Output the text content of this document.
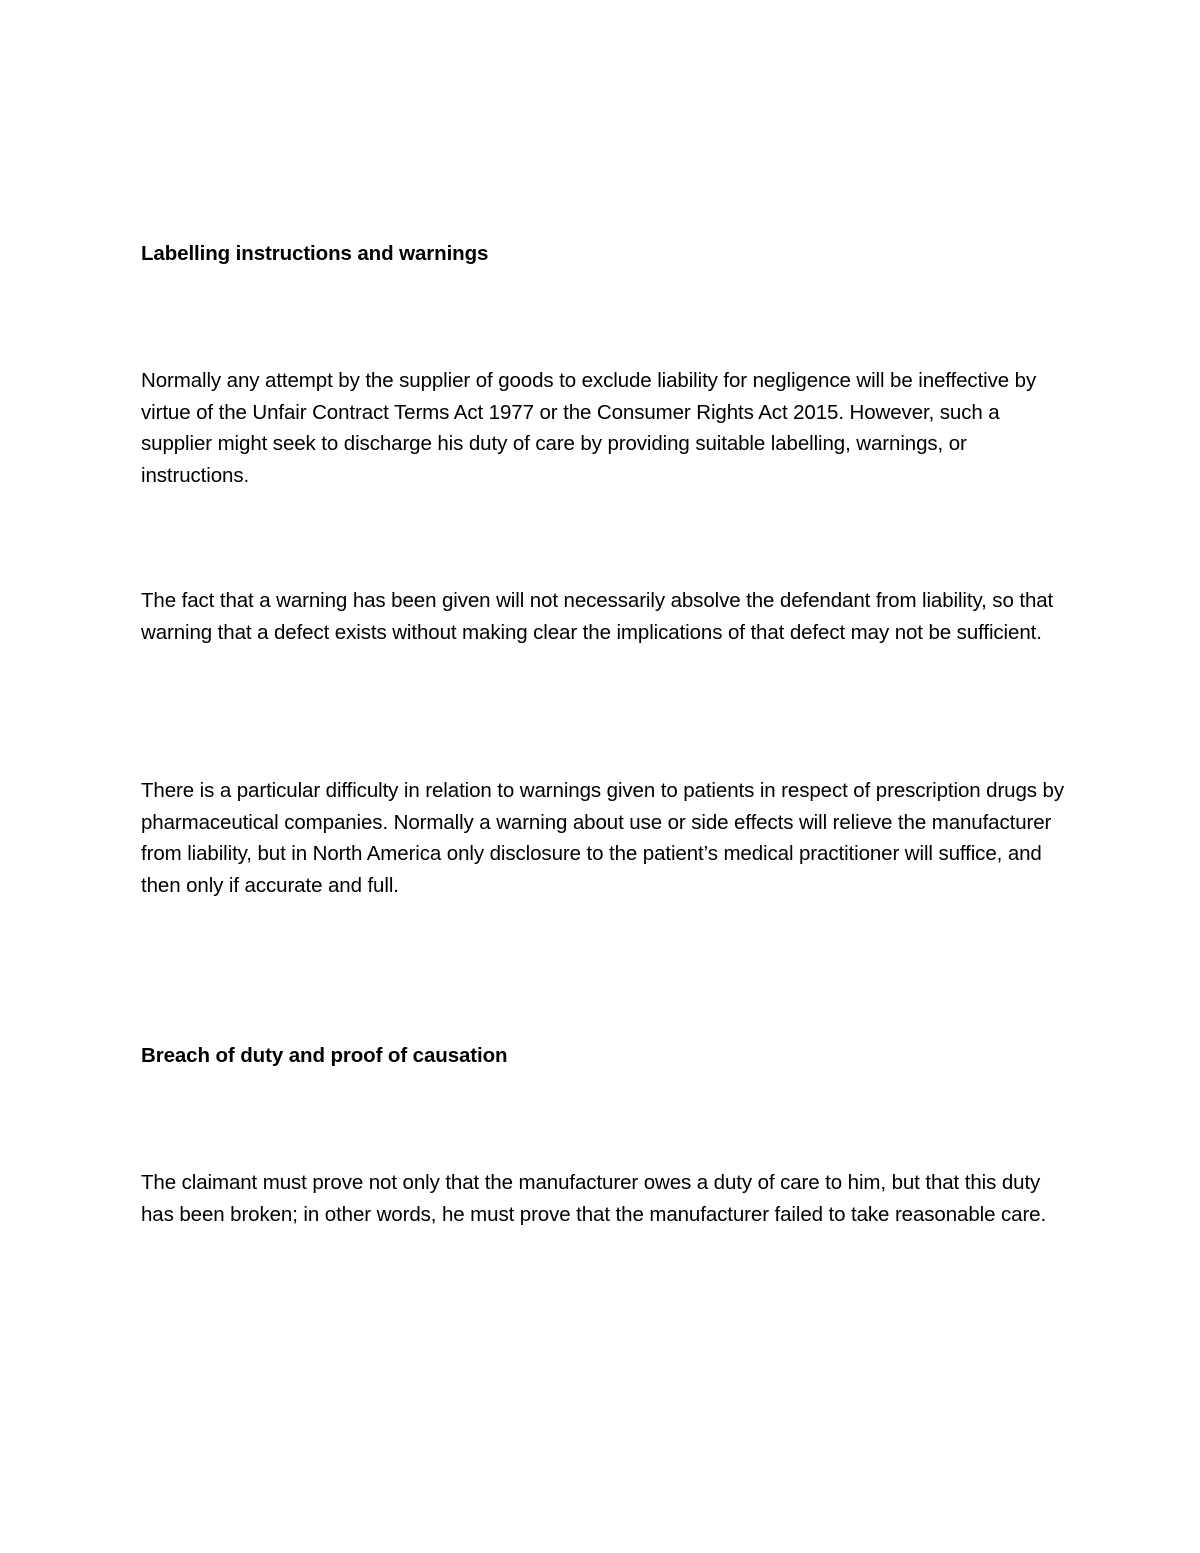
Labelling instructions and warnings

Normally any attempt by the supplier of goods to exclude liability for negligence will be ineffective by virtue of the Unfair Contract Terms Act 1977 or the Consumer Rights Act 2015. However, such a supplier might seek to discharge his duty of care by providing suitable labelling, warnings, or instructions.

The fact that a warning has been given will not necessarily absolve the defendant from liability, so that warning that a defect exists without making clear the implications of that defect may not be sufficient.

There is a particular difficulty in relation to warnings given to patients in respect of prescription drugs by pharmaceutical companies. Normally a warning about use or side effects will relieve the manufacturer from liability, but in North America only disclosure to the patient’s medical practitioner will suffice, and then only if accurate and full.

Breach of duty and proof of causation

The claimant must prove not only that the manufacturer owes a duty of care to him, but that this duty has been broken; in other words, he must prove that the manufacturer failed to take reasonable care.
